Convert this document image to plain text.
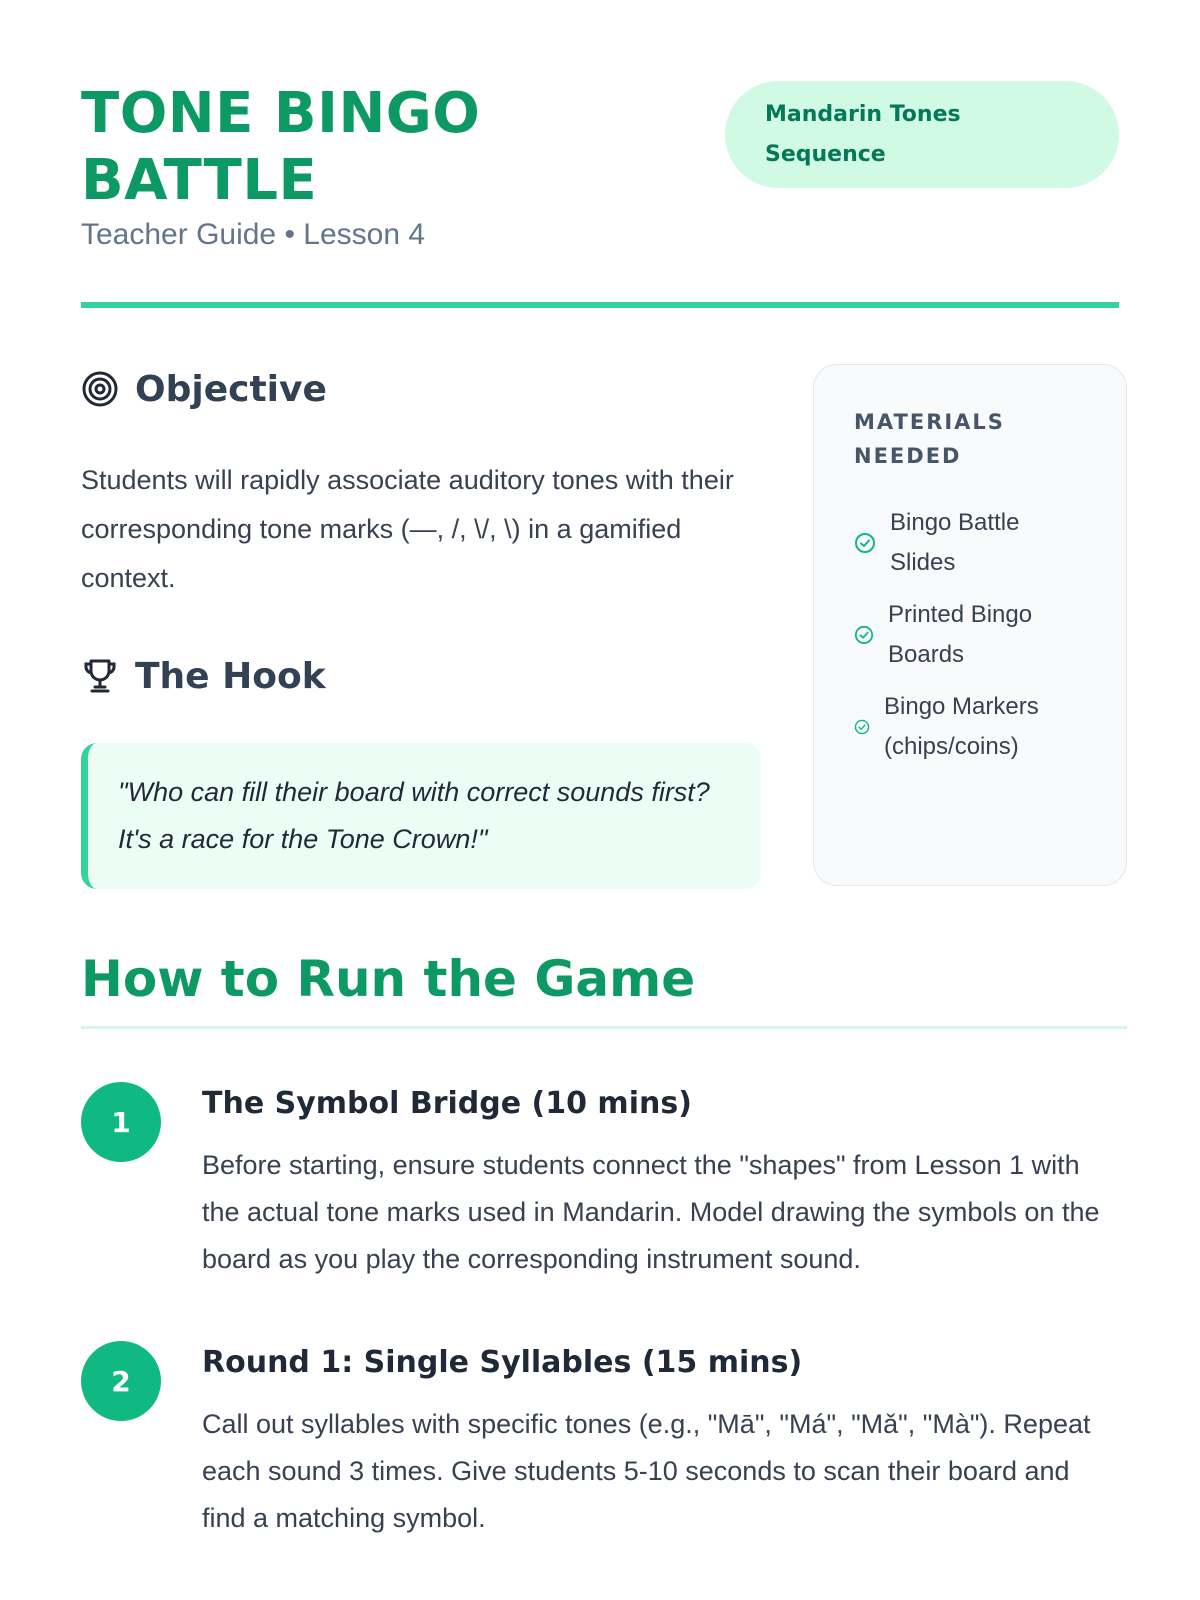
TONE BINGO BATTLE
Teacher Guide • Lesson 4
Mandarin Tones Sequence
Objective

Students will rapidly associate auditory tones with their corresponding tone marks (—, /, \/, \) in a gamified context.

The Hook
"Who can fill their board with correct sounds first? It's a race for the Tone Crown!"
MATERIALS NEEDED
Bingo Battle Slides
Printed Bingo Boards
Bingo Markers (chips/coins)
How to Run the Game
1
The Symbol Bridge (10 mins)

Before starting, ensure students connect the "shapes" from Lesson 1 with the actual tone marks used in Mandarin. Model drawing the symbols on the board as you play the corresponding instrument sound.

2
Round 1: Single Syllables (15 mins)

Call out syllables with specific tones (e.g., "Mā", "Má", "Mǎ", "Mà"). Repeat each sound 3 times. Give students 5-10 seconds to scan their board and find a matching symbol.
